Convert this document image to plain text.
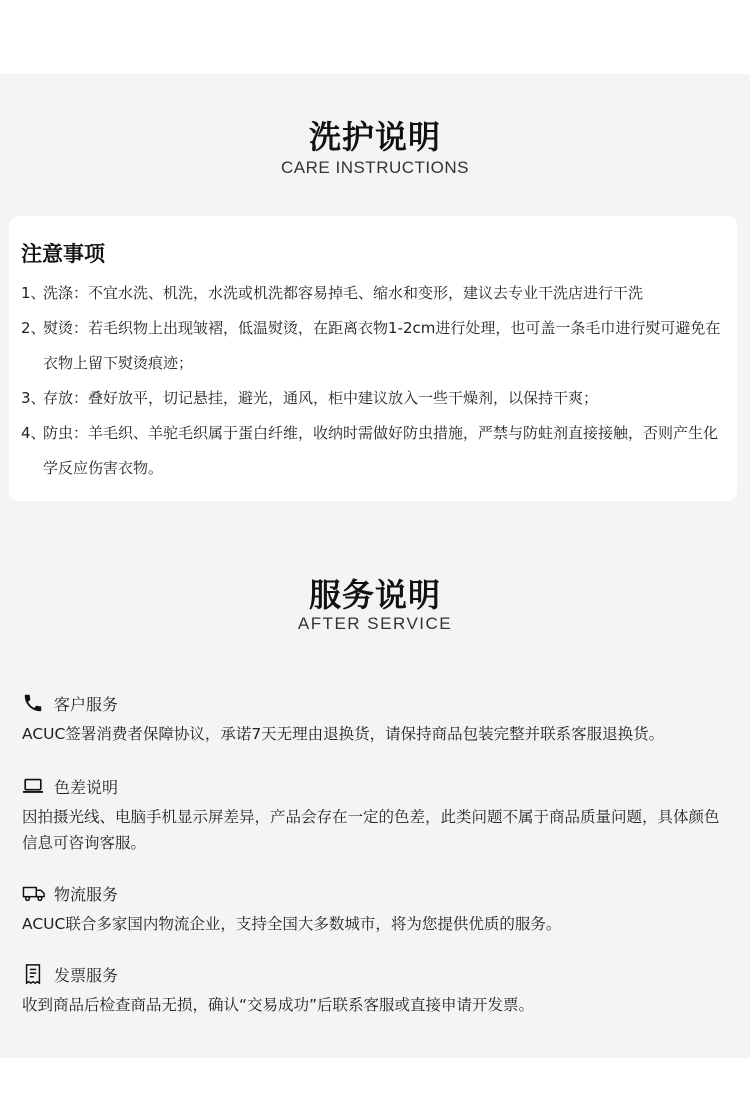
洗护说明
CARE INSTRUCTIONS
注意事项
1、洗涤：不宜水洗、机洗，水洗或机洗都容易掉毛、缩水和变形，建议去专业干洗店进行干洗
2、熨烫：若毛织物上出现皱褶，低温熨烫，在距离衣物1-2cm进行处理，也可盖一条毛巾进行熨可避免在衣物上留下熨烫痕迹；
3、存放：叠好放平，切记悬挂，避光，通风，柜中建议放入一些干燥剂，以保持干爽；
4、防虫：羊毛织、羊驼毛织属于蛋白纤维，收纳时需做好防虫措施，严禁与防蛀剂直接接触，否则产生化学反应伤害衣物。
服务说明
AFTER SERVICE
客户服务
ACUC签署消费者保障协议，承诺7天无理由退换货，请保持商品包装完整并联系客服退换货。
色差说明
因拍摄光线、电脑手机显示屏差异，产品会存在一定的色差，此类问题不属于商品质量问题，具体颜色信息可咨询客服。
物流服务
ACUC联合多家国内物流企业，支持全国大多数城市，将为您提供优质的服务。
发票服务
收到商品后检查商品无损，确认“交易成功”后联系客服或直接申请开发票。
